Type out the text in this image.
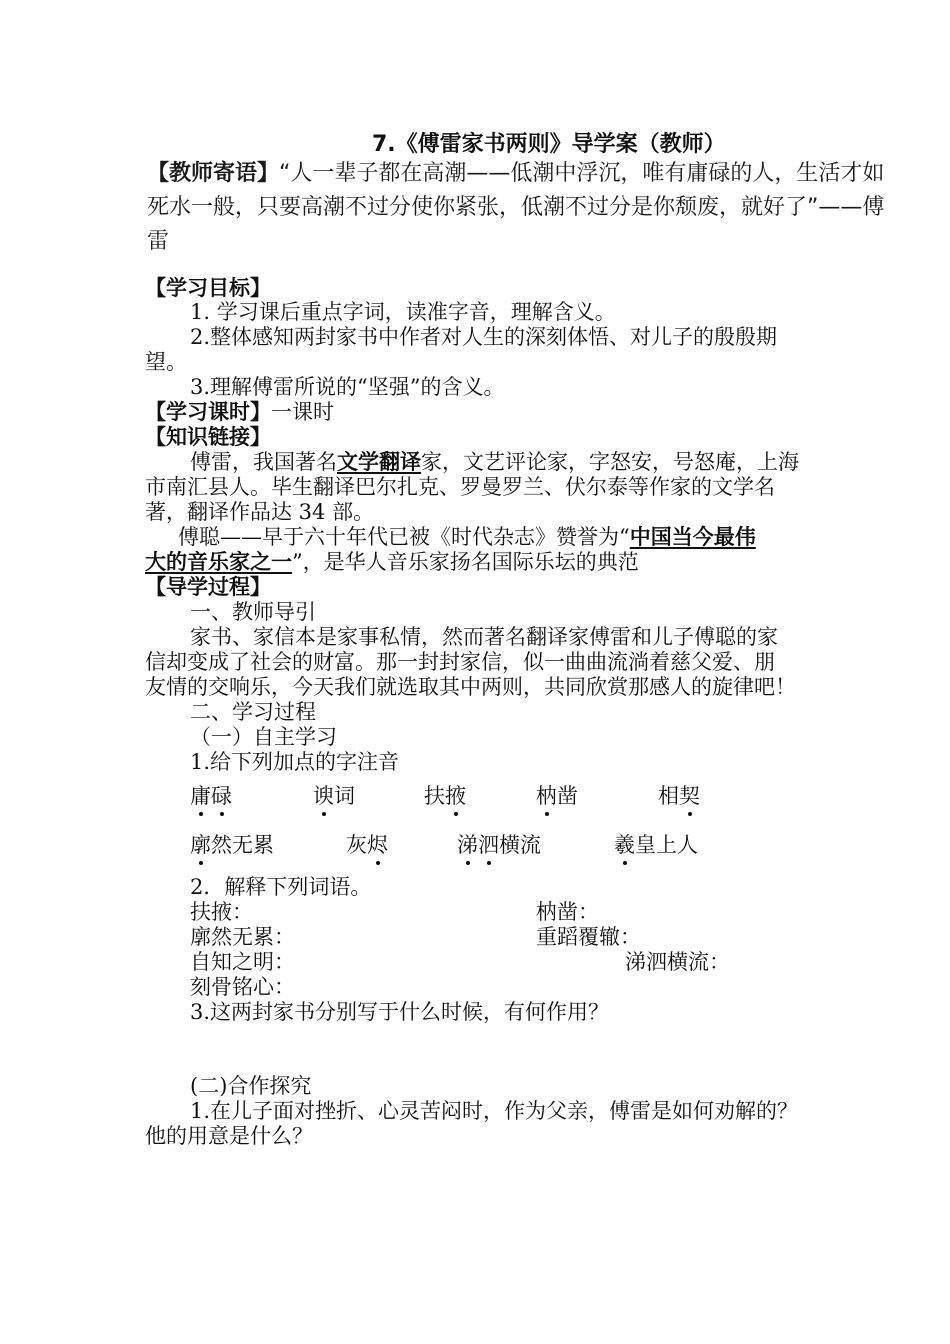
7.《傅雷家书两则》导学案（教师）
【教师寄语】“人一辈子都在高潮——低潮中浮沉，唯有庸碌的人，生活才如
死水一般，只要高潮不过分使你紧张，低潮不过分是你颓废，就好了”——傅
雷
【学习目标】
1. 学习课后重点字词，读准字音，理解含义。
2.整体感知两封家书中作者对人生的深刻体悟、对儿子的殷殷期
望。
3.理解傅雷所说的“坚强”的含义。
【学习课时】一课时
【知识链接】
傅雷，我国著名文学翻译家，文艺评论家，字怒安，号怒庵，上海
市南汇县人。毕生翻译巴尔扎克、罗曼罗兰、伏尔泰等作家的文学名
著，翻译作品达 34 部。
傅聪——早于六十年代已被《时代杂志》赞誉为“中国当今最伟
大的音乐家之一”，是华人音乐家扬名国际乐坛的典范
【导学过程】
一、教师导引
家书、家信本是家事私情，然而著名翻译家傅雷和儿子傅聪的家
信却变成了社会的财富。那一封封家信，似一曲曲流淌着慈父爱、朋
友情的交响乐，今天我们就选取其中两则，共同欣赏那感人的旋律吧！
二、学习过程
（一）自主学习
1.给下列加点的字注音
庸碌	谀词	扶掖	枘凿	相契
廓然无累	灰烬	涕泗横流	羲皇上人
2．解释下列词语。
扶掖：	枘凿：
廓然无累：	重蹈覆辙：
自知之明：	涕泗横流：
刻骨铭心：
3.这两封家书分别写于什么时候，有何作用？
(二)合作探究
1.在儿子面对挫折、心灵苦闷时，作为父亲，傅雷是如何劝解的？
他的用意是什么？
